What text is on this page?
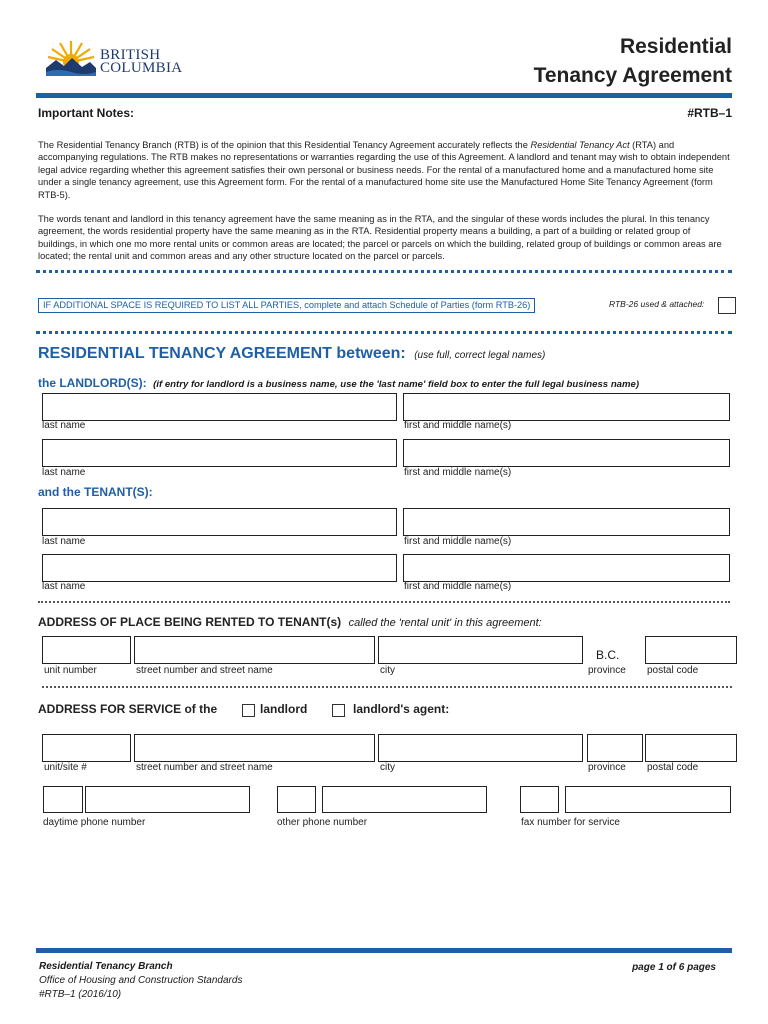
BRITISH
COLUMBIA
Residential
Tenancy Agreement
Important Notes:	#RTB–1
The Residential Tenancy Branch (RTB) is of the opinion that this Residential Tenancy Agreement accurately reflects the Residential Tenancy Act (RTA) and accompanying regulations. The RTB makes no representations or warranties regarding the use of this Agreement. A landlord and tenant may wish to obtain independent legal advice regarding whether this agreement satisfies their own personal or business needs. For the rental of a manufactured home and a manufactured home site under a single tenancy agreement, use this Agreement form. For the rental of a manufactured home site use the Manufactured Home Site Tenancy Agreement (form RTB-5).
The words tenant and landlord in this tenancy agreement have the same meaning as in the RTA, and the singular of these words includes the plural. In this tenancy agreement, the words residential property have the same meaning as in the RTA. Residential property means a building, a part of a building or related group of buildings, in which one mo more rental units or common areas are located; the parcel or parcels on which the building, related group of buildings or common areas are located; the rental unit and common areas and any other structure located on the parcel or parcels.
IF ADDITIONAL SPACE IS REQUIRED TO LIST ALL PARTIES, complete and attach Schedule of Parties (form RTB-26)	RTB-26 used & attached:
RESIDENTIAL TENANCY AGREEMENT between: (use full, correct legal names)
the LANDLORD(S): (if entry for landlord is a business name, use the 'last name' field box to enter the full legal business name)
last name	first and middle name(s)
last name	first and middle name(s)
and the TENANT(S):
last name	first and middle name(s)
last name	first and middle name(s)
ADDRESS OF PLACE BEING RENTED TO TENANT(s) called the 'rental unit' in this agreement:
unit number	street number and street name	city
B.C.
province postal code
ADDRESS FOR SERVICE of the	landlord	landlord's agent:
unit/site #	street number and street name	city	province postal code
daytime phone number	other phone number	fax number for service
Residential Tenancy Branch
Office of Housing and Construction Standards
#RTB–1 (2016/10)
page 1 of 6 pages
